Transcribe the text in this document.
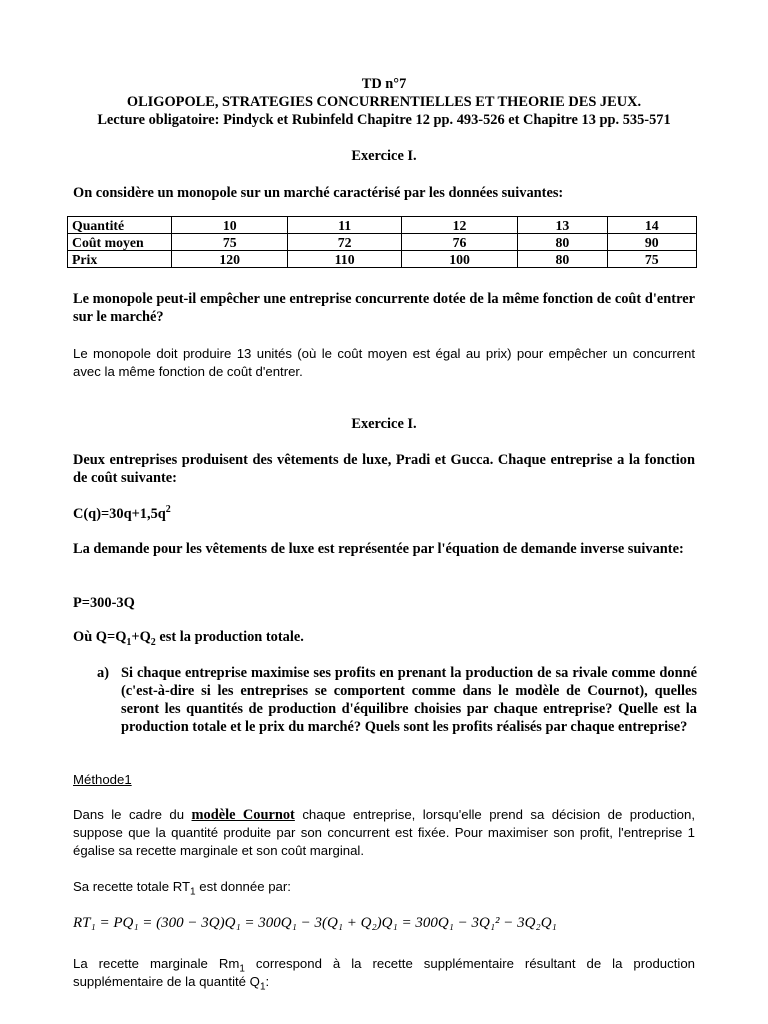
TD n°7
OLIGOPOLE, STRATEGIES CONCURRENTIELLES ET THEORIE DES JEUX.
Lecture obligatoire: Pindyck et Rubinfeld Chapitre 12 pp. 493-526 et Chapitre 13 pp. 535-571
Exercice I.
On considère un monopole sur un marché caractérisé par les données suivantes:
Quantité	10	11	12	13	14
Coût moyen	75	72	76	80	90
Prix	120	110	100	80	75
Le monopole peut-il empêcher une entreprise concurrente dotée de la même fonction de coût d'entrer sur le marché?
Le monopole doit produire 13 unités (où le coût moyen est égal au prix) pour empêcher un concurrent avec la même fonction de coût d'entrer.
Exercice I.
Deux entreprises produisent des vêtements de luxe, Pradi et Gucca. Chaque entreprise a la fonction de coût suivante:
$C(q)=30q+1,5q^2$
La demande pour les vêtements de luxe est représentée par l'équation de demande inverse suivante:
P=300-3Q
Où $Q=Q_1+Q_2$ est la production totale.
a) Si chaque entreprise maximise ses profits en prenant la production de sa rivale comme donné (c'est-à-dire si les entreprises se comportent comme dans le modèle de Cournot), quelles seront les quantités de production d'équilibre choisies par chaque entreprise? Quelle est la production totale et le prix du marché? Quels sont les profits réalisés par chaque entreprise?
Méthode1
Dans le cadre du modèle Cournot chaque entreprise, lorsqu'elle prend sa décision de production, suppose que la quantité produite par son concurrent est fixée. Pour maximiser son profit, l'entreprise 1 égalise sa recette marginale et son coût marginal.
Sa recette totale $RT_1$ est donnée par:
RT₁ = PQ₁ = (300 − 3Q)Q₁ = 300Q₁ − 3(Q₁ + Q₂)Q₁ = 300Q₁ − 3Q₁² − 3Q₂Q₁
La recette marginale $Rm_1$ correspond à la recette supplémentaire résultant de la production supplémentaire de la quantité $Q_1$:
